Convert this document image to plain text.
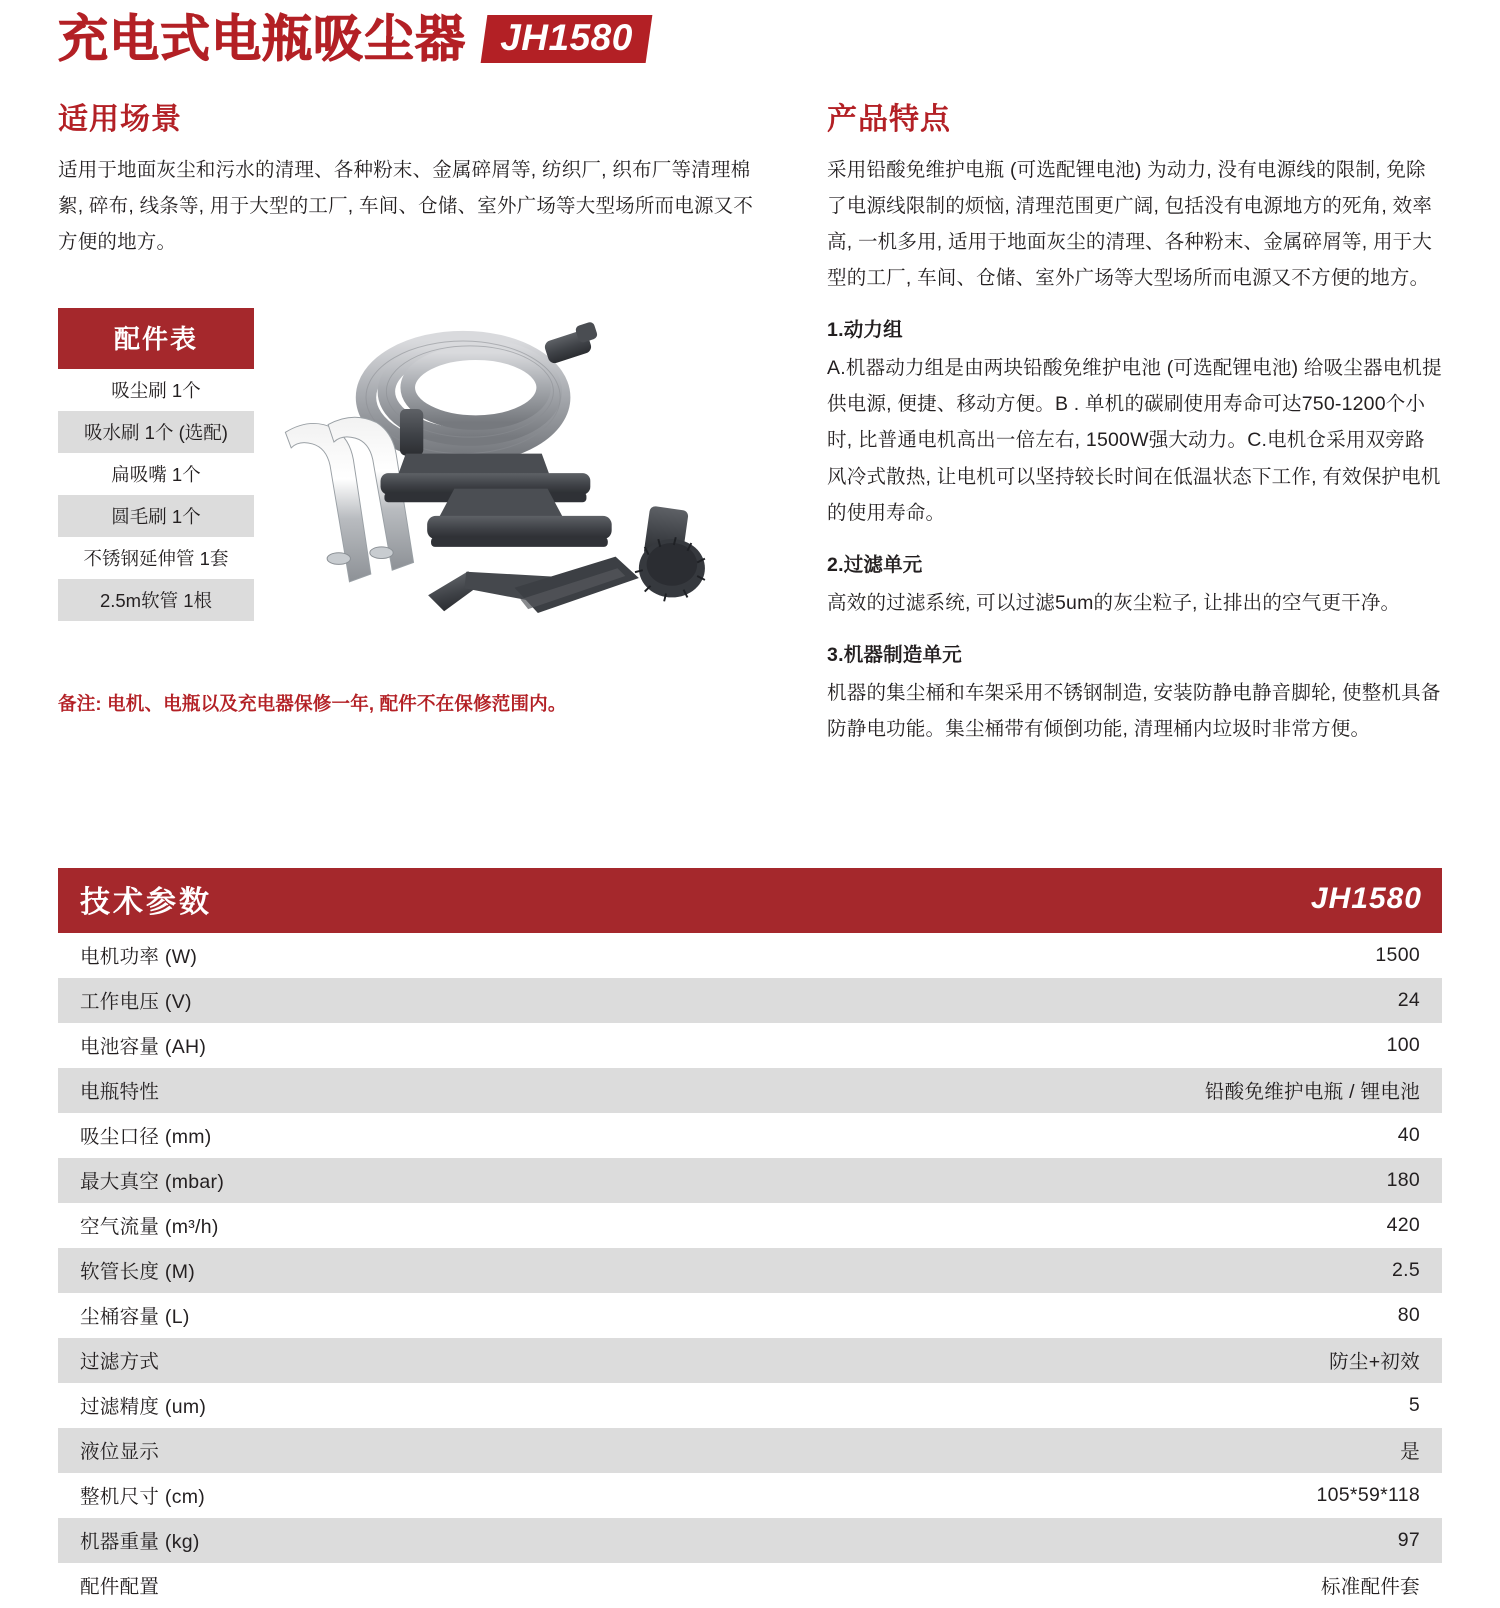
充电式电瓶吸尘器 JH1580
适用场景

适用于地面灰尘和污水的清理、各种粉末、金属碎屑等, 纺织厂, 织布厂等清理棉絮, 碎布, 线条等, 用于大型的工厂, 车间、仓储、室外广场等大型场所而电源又不方便的地方。

配件表
吸尘刷 1个
吸水刷 1个 (选配)
扁吸嘴 1个
圆毛刷 1个
不锈钢延伸管 1套
2.5m软管 1根
备注: 电机、电瓶以及充电器保修一年, 配件不在保修范围内。
产品特点

采用铅酸免维护电瓶 (可选配锂电池) 为动力, 没有电源线的限制, 免除了电源线限制的烦恼, 清理范围更广阔, 包括没有电源地方的死角, 效率高, 一机多用, 适用于地面灰尘的清理、各种粉末、金属碎屑等, 用于大型的工厂, 车间、仓储、室外广场等大型场所而电源又不方便的地方。

1.动力组

A.机器动力组是由两块铅酸免维护电池 (可选配锂电池) 给吸尘器电机提供电源, 便捷、移动方便。B . 单机的碳刷使用寿命可达750-1200个小时, 比普通电机高出一倍左右, 1500W强大动力。C.电机仓采用双旁路风冷式散热, 让电机可以坚持较长时间在低温状态下工作, 有效保护电机的使用寿命。

2.过滤单元

高效的过滤系统, 可以过滤5um的灰尘粒子, 让排出的空气更干净。

3.机器制造单元

机器的集尘桶和车架采用不锈钢制造, 安装防静电静音脚轮, 使整机具备防静电功能。集尘桶带有倾倒功能, 清理桶内垃圾时非常方便。

技术参数	JH1580
电机功率 (W)	1500
工作电压 (V)	24
电池容量 (AH)	100
电瓶特性	铅酸免维护电瓶 / 锂电池
吸尘口径 (mm)	40
最大真空 (mbar)	180
空气流量 (m³/h)	420
软管长度 (M)	2.5
尘桶容量 (L)	80
过滤方式	防尘+初效
过滤精度 (um)	5
液位显示	是
整机尺寸 (cm)	105*59*118
机器重量 (kg)	97
配件配置	标准配件套
